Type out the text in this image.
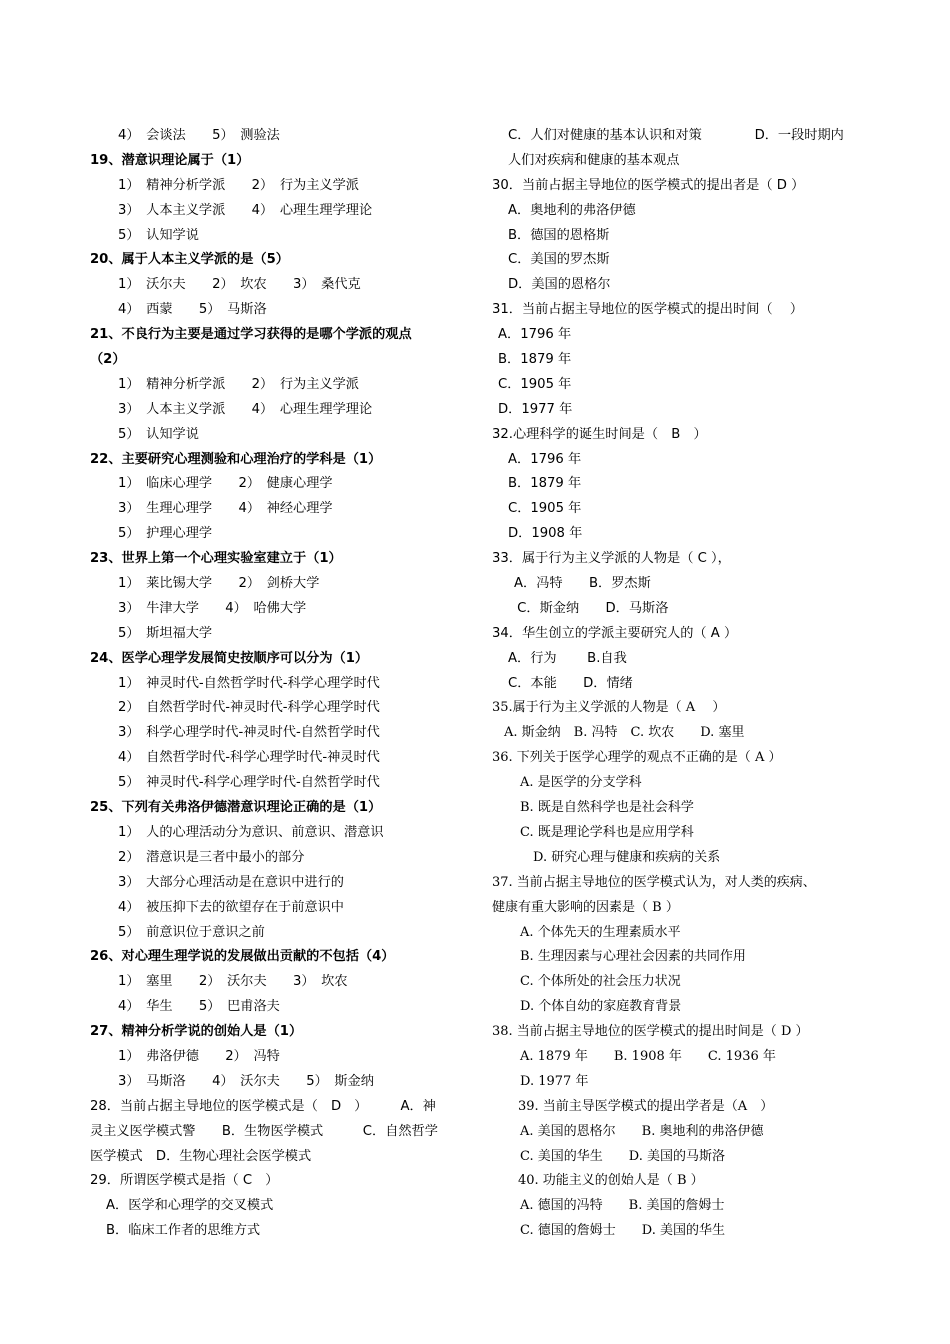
4）　会谈法　　5）　测验法
19、潜意识理论属于（1）
1）　精神分析学派　　2）　行为主义学派
3）　人本主义学派　　4）　心理生理学理论
5）　认知学说
20、属于人本主义学派的是（5）
1）　沃尔夫　　2）　坎农　　3）　桑代克
4）　西蒙　　5）　马斯洛
21、不良行为主要是通过学习获得的是哪个学派的观点
（2）
1）　精神分析学派　　2）　行为主义学派
3）　人本主义学派　　4）　心理生理学理论
5）　认知学说
22、主要研究心理测验和心理治疗的学科是（1）
1）　临床心理学　　2）　健康心理学
3）　生理心理学　　4）　神经心理学
5）　护理心理学
23、世界上第一个心理实验室建立于（1）
1）　莱比锡大学　　2）　剑桥大学
3）　牛津大学　　4）　哈佛大学
5）　斯坦福大学
24、医学心理学发展简史按顺序可以分为（1）
1）　神灵时代-自然哲学时代-科学心理学时代
2）　自然哲学时代-神灵时代-科学心理学时代
3）　科学心理学时代-神灵时代-自然哲学时代
4）　自然哲学时代-科学心理学时代-神灵时代
5）　神灵时代-科学心理学时代-自然哲学时代
25、下列有关弗洛伊德潜意识理论正确的是（1）
1）　人的心理活动分为意识、前意识、潜意识
2）　潜意识是三者中最小的部分
3）　大部分心理活动是在意识中进行的
4）　被压抑下去的欲望存在于前意识中
5）　前意识位于意识之前
26、对心理生理学说的发展做出贡献的不包括（4）
1）　塞里　　2）　沃尔夫　　3）　坎农
4）　华生　　5）　巴甫洛夫
27、精神分析学说的创始人是（1）
1）　弗洛伊德　　2）　冯特
3）　马斯洛　　4）　沃尔夫　　5）　斯金纳
28．当前占据主导地位的医学模式是（　D　）　　　A．神
灵主义医学模式警　　B．生物医学模式　　　C．自然哲学
医学模式　D．生物心理社会医学模式
29．所谓医学模式是指（ C　）
A．医学和心理学的交叉模式
B．临床工作者的思维方式
C．人们对健康的基本认识和对策　　　　D．一段时期内
人们对疾病和健康的基本观点
30．当前占据主导地位的医学模式的提出者是（ D ）
A．奥地利的弗洛伊德
B．德国的恩格斯
C．美国的罗杰斯
D．美国的恩格尔
31．当前占据主导地位的医学模式的提出时间（　 ）
A．1796 年
B．1879 年
C．1905 年
D．1977 年
32.心理科学的诞生时间是（　B　）
A．1796 年
B．1879 年
C．1905 年
D．1908 年
33．属于行为主义学派的人物是（ C ），
A．冯特　　B．罗杰斯
　C．斯金纳　　D．马斯洛
34．华生创立的学派主要研究人的（ A ）
A．行为　　 B.自我
C．本能　　D．情绪
35.属于行为主义学派的人物是（ A　 ）
A. 斯金纳　B. 冯特　C. 坎农　　D. 塞里
36. 下列关于医学心理学的观点不正确的是（ A ）
A. 是医学的分支学科
B. 既是自然科学也是社会科学
C. 既是理论学科也是应用学科
　D. 研究心理与健康和疾病的关系
37. 当前占据主导地位的医学模式认为，对人类的疾病、
健康有重大影响的因素是（ B ）
A. 个体先天的生理素质水平
B. 生理因素与心理社会因素的共同作用
C. 个体所处的社会压力状况
D. 个体自幼的家庭教育背景
38. 当前占据主导地位的医学模式的提出时间是（ D ）
A. 1879 年　　B. 1908 年　　C. 1936 年
D. 1977 年
　　39. 当前主导医学模式的提出学者是（A　）
A. 美国的恩格尔　　B. 奥地利的弗洛伊德
C. 美国的华生　　D. 美国的马斯洛
　　40. 功能主义的创始人是（ B ）
A. 德国的冯特　　B. 美国的詹姆士
C. 德国的詹姆士　　D. 美国的华生
